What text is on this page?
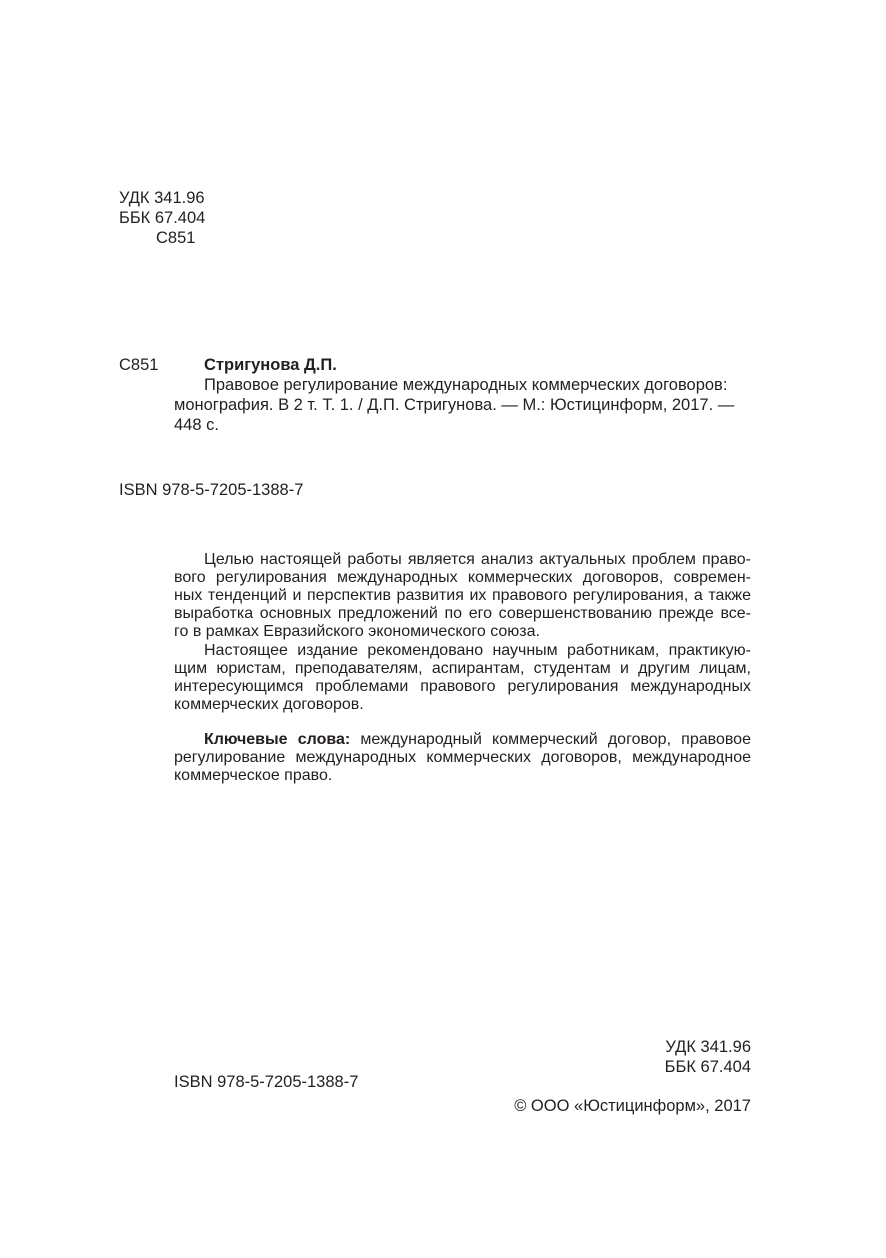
УДК 341.96
ББК 67.404
С851
С851	Стригунова Д.П.
Правовое регулирование международных коммерческих договоров:
монография. В 2 т. Т. 1. / Д.П. Стригунова. — М.: Юстицинформ, 2017. —
448 с.
ISBN 978-5-7205-1388-7
Целью настоящей работы является анализ актуальных проблем право-
вого регулирования международных коммерческих договоров, современ-
ных тенденций и перспектив развития их правового регулирования, а также
выработка основных предложений по его совершенствованию прежде все-
го в рамках Евразийского экономического союза.
Настоящее издание рекомендовано научным работникам, практикую-
щим юристам, преподавателям, аспирантам, студентам и другим лицам,
интересующимся проблемами правового регулирования международных
коммерческих договоров.
Ключевые слова: международный коммерческий договор, правовое
регулирование международных коммерческих договоров, международное
коммерческое право.
УДК 341.96
ББК 67.404
ISBN 978-5-7205-1388-7
© ООО «Юстицинформ», 2017
